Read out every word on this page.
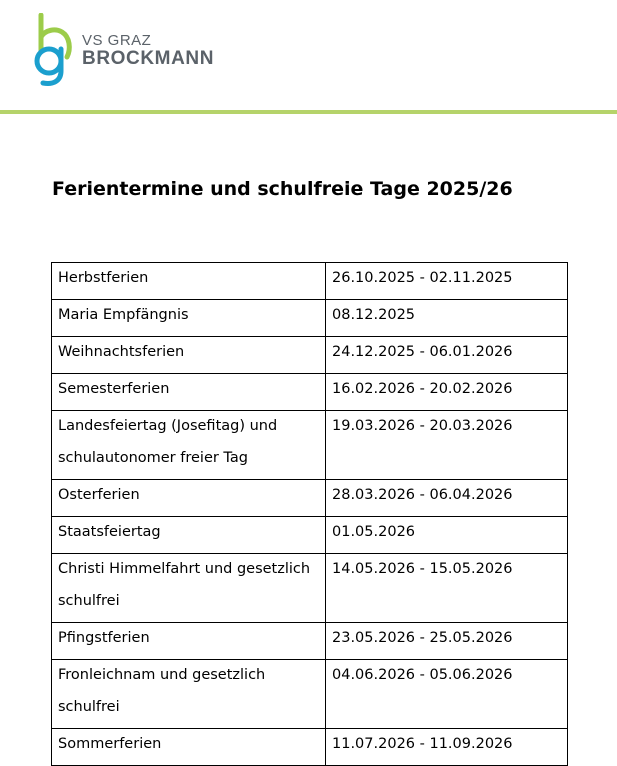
VS GRAZ
BROCKMANN
Ferientermine und schulfreie Tage 2025/26
Herbstferien	26.10.2025 - 02.11.2025

Maria Empfängnis	08.12.2025

Weihnachtsferien	24.12.2025 - 06.01.2026

Semesterferien	16.02.2026 - 20.02.2026

Landesfeiertag (Josefitag) und schulautonomer freier Tag	19.03.2026 - 20.03.2026

Osterferien	28.03.2026 - 06.04.2026

Staatsfeiertag	01.05.2026

Christi Himmelfahrt und gesetzlich schulfrei	14.05.2026 - 15.05.2026

Pfingstferien	23.05.2026 - 25.05.2026

Fronleichnam und gesetzlich schulfrei	04.06.2026 - 05.06.2026

Sommerferien	11.07.2026 - 11.09.2026
